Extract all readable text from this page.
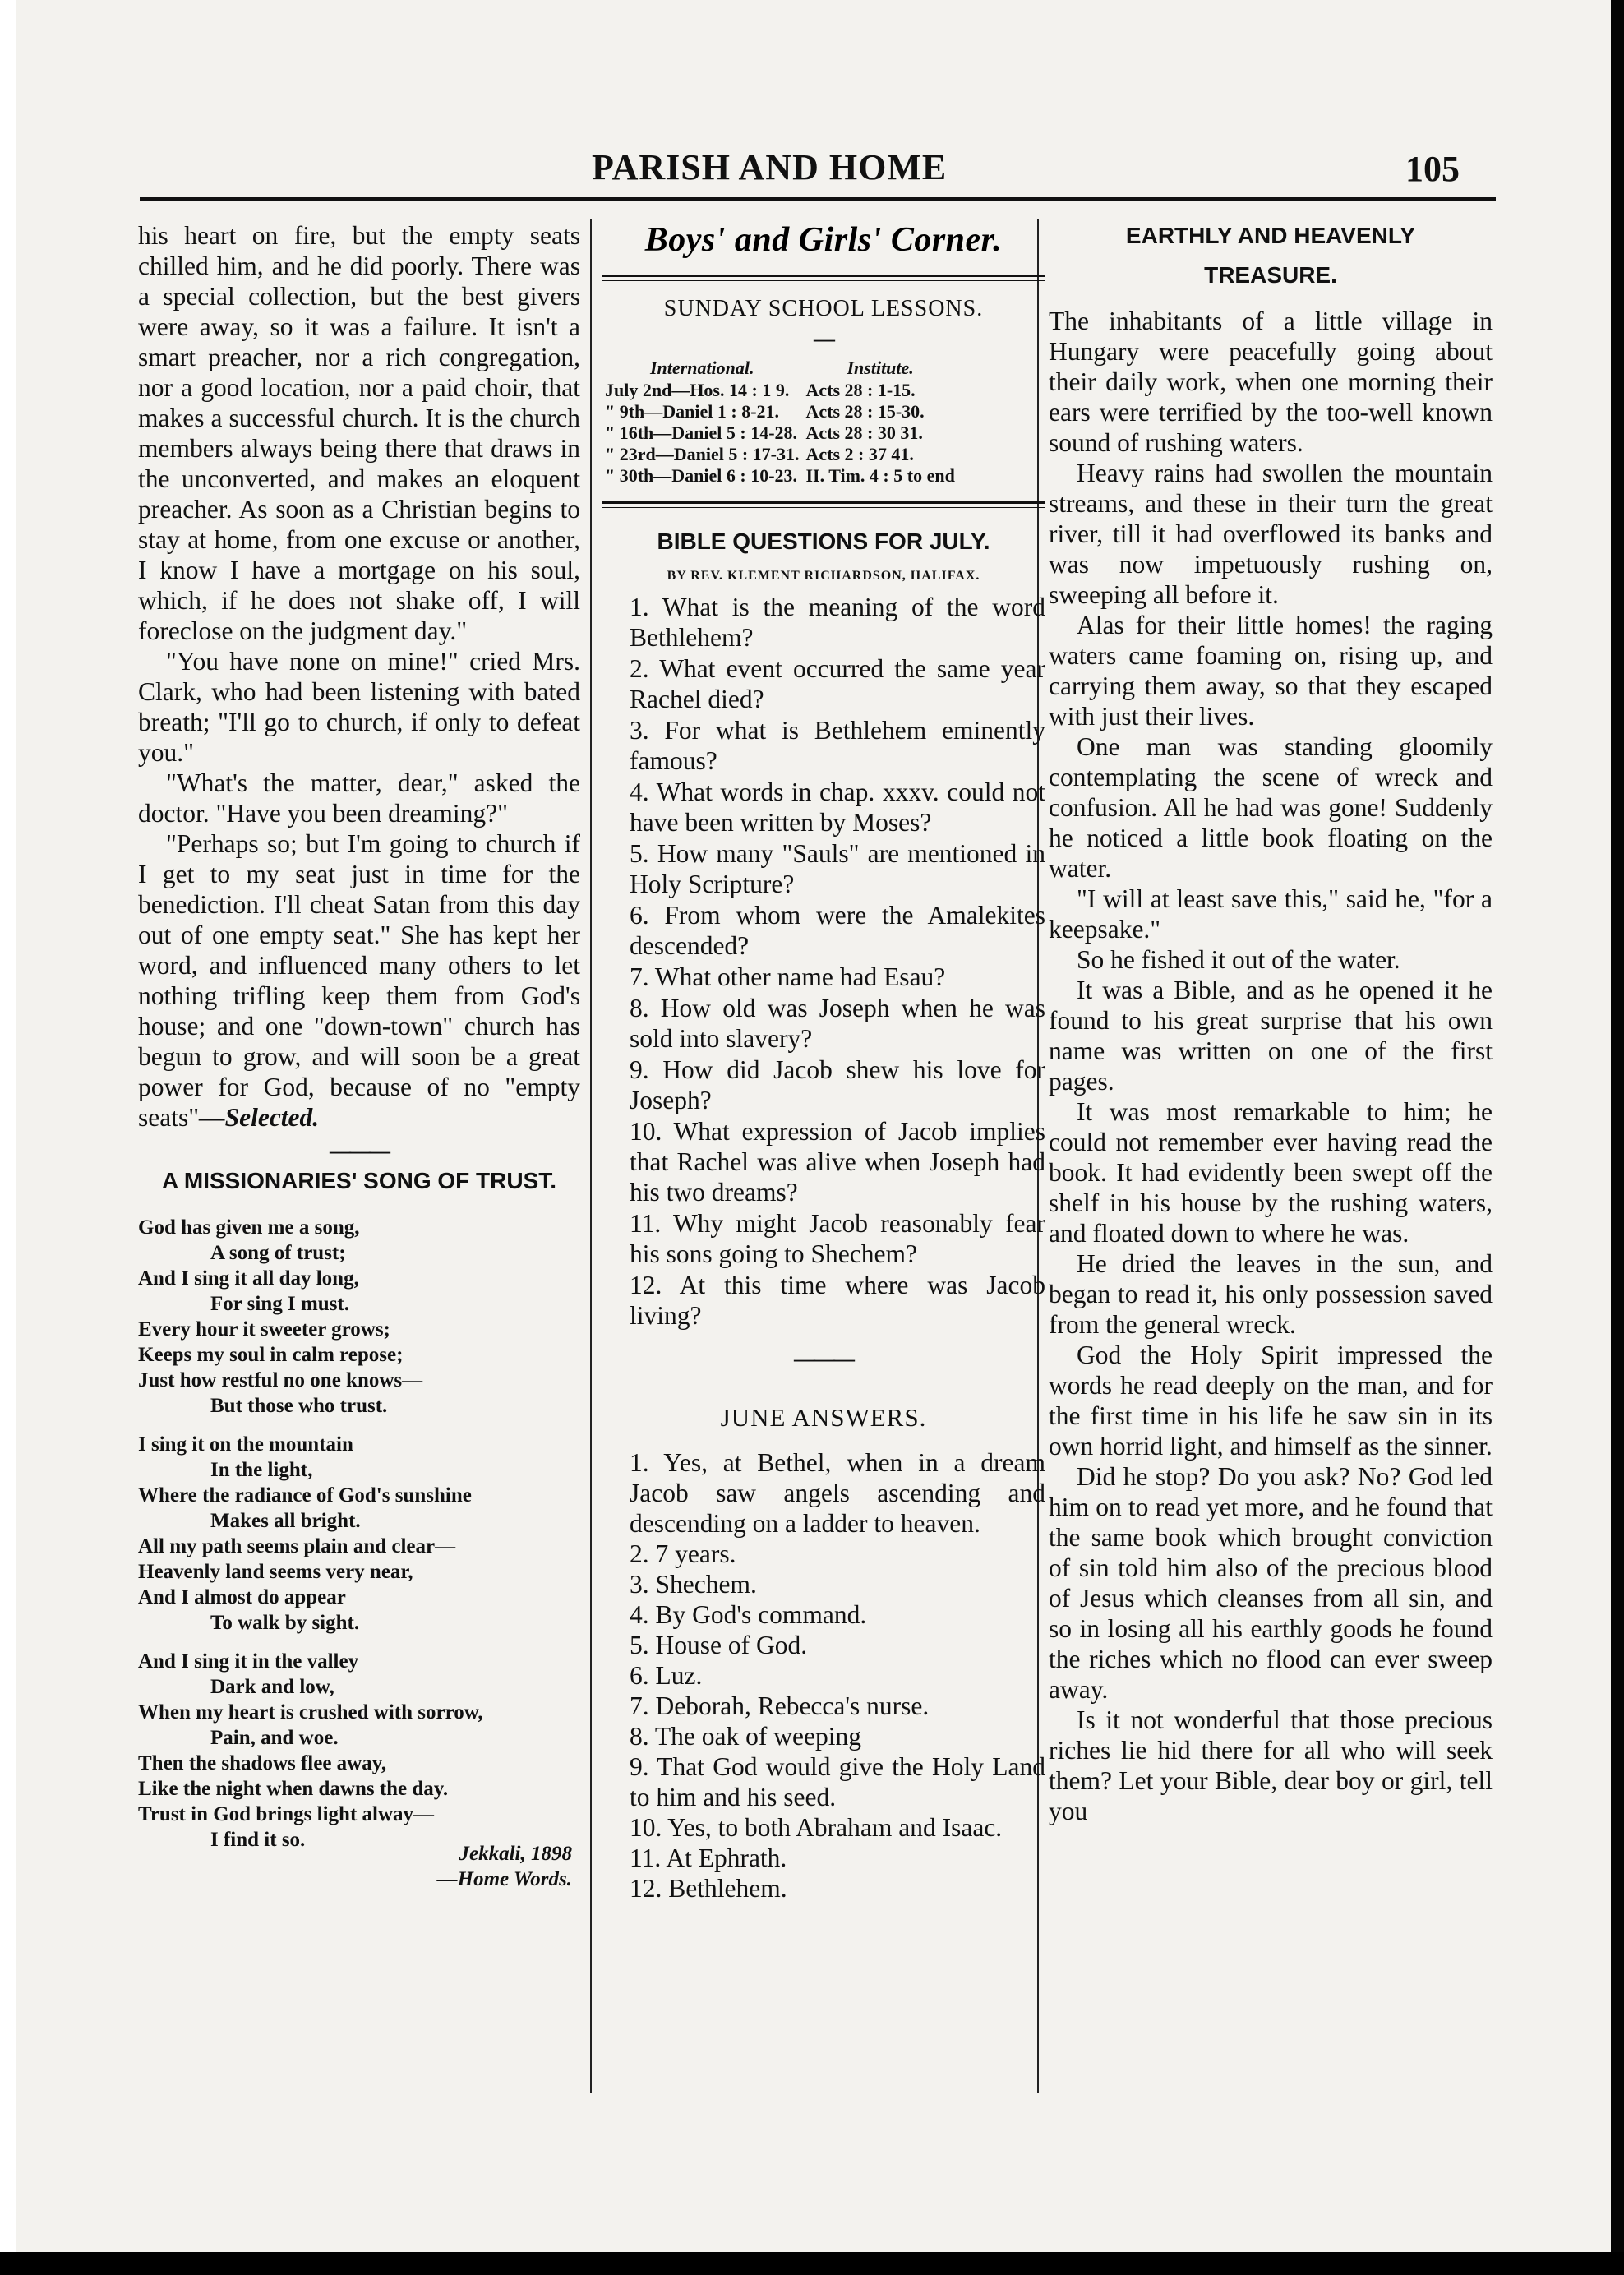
PARISH AND HOME	105

his heart on fire, but the empty seats chilled him, and he did poorly. There was a special collection, but the best givers were away, so it was a failure. It isn't a smart preacher, nor a rich congregation, nor a good location, nor a paid choir, that makes a successful church. It is the church members always being there that draws in the unconverted, and makes an eloquent preacher. As soon as a Christian begins to stay at home, from one excuse or another, I know I have a mortgage on his soul, which, if he does not shake off, I will foreclose on the judgment day."

"You have none on mine!" cried Mrs. Clark, who had been listening with bated breath; "I'll go to church, if only to defeat you."

"What's the matter, dear," asked the doctor. "Have you been dreaming?"

"Perhaps so; but I'm going to church if I get to my seat just in time for the benediction. I'll cheat Satan from this day out of one empty seat." She has kept her word, and influenced many others to let nothing trifling keep them from God's house; and one "down-town" church has begun to grow, and will soon be a great power for God, because of no "empty seats"—Selected.

———
A MISSIONARIES' SONG OF TRUST.
God has given me a song,
A song of trust;
And I sing it all day long,
For sing I must.
Every hour it sweeter grows;
Keeps my soul in calm repose;
Just how restful no one knows—
But those who trust.
I sing it on the mountain
In the light,
Where the radiance of God's sunshine
Makes all bright.
All my path seems plain and clear—
Heavenly land seems very near,
And I almost do appear
To walk by sight.
And I sing it in the valley
Dark and low,
When my heart is crushed with sorrow,
Pain, and woe.
Then the shadows flee away,
Like the night when dawns the day.
Trust in God brings light alway—
I find it so.
Jekkali, 1898
—Home Words.
Boys' and Girls' Corner.
SUNDAY SCHOOL LESSONS.
—
International.	Institute.
July 2nd—Hos. 14 : 1 9.	Acts 28 : 1-15.
" 9th—Daniel 1 : 8-21.	Acts 28 : 15-30.
" 16th—Daniel 5 : 14-28.	Acts 28 : 30 31.
" 23rd—Daniel 5 : 17-31.	Acts 2 : 37 41.
" 30th—Daniel 6 : 10-23.	II. Tim. 4 : 5 to end
BIBLE QUESTIONS FOR JULY.
BY REV. KLEMENT RICHARDSON, HALIFAX.

1. What is the meaning of the word Bethlehem?

2. What event occurred the same year Rachel died?

3. For what is Bethlehem eminently famous?

4. What words in chap. xxxv. could not have been written by Moses?

5. How many "Sauls" are mentioned in Holy Scripture?

6. From whom were the Amalekites descended?

7. What other name had Esau?

8. How old was Joseph when he was sold into slavery?

9. How did Jacob shew his love for Joseph?

10. What expression of Jacob implies that Rachel was alive when Joseph had his two dreams?

11. Why might Jacob reasonably fear his sons going to Shechem?

12. At this time where was Jacob living?

———
JUNE ANSWERS.

1. Yes, at Bethel, when in a dream Jacob saw angels ascending and descending on a ladder to heaven.

2. 7 years.

3. Shechem.

4. By God's command.

5. House of God.

6. Luz.

7. Deborah, Rebecca's nurse.

8. The oak of weeping

9. That God would give the Holy Land to him and his seed.

10. Yes, to both Abraham and Isaac.

11. At Ephrath.

12. Bethlehem.

EARTHLY AND HEAVENLY
TREASURE.

The inhabitants of a little village in Hungary were peacefully going about their daily work, when one morning their ears were terrified by the too-well known sound of rushing waters.

Heavy rains had swollen the mountain streams, and these in their turn the great river, till it had overflowed its banks and was now impetuously rushing on, sweeping all before it.

Alas for their little homes! the raging waters came foaming on, rising up, and carrying them away, so that they escaped with just their lives.

One man was standing gloomily contemplating the scene of wreck and confusion. All he had was gone! Suddenly he noticed a little book floating on the water.

"I will at least save this," said he, "for a keepsake."

So he fished it out of the water.

It was a Bible, and as he opened it he found to his great surprise that his own name was written on one of the first pages.

It was most remarkable to him; he could not remember ever having read the book. It had evidently been swept off the shelf in his house by the rushing waters, and floated down to where he was.

He dried the leaves in the sun, and began to read it, his only possession saved from the general wreck.

God the Holy Spirit impressed the words he read deeply on the man, and for the first time in his life he saw sin in its own horrid light, and himself as the sinner.

Did he stop? Do you ask? No? God led him on to read yet more, and he found that the same book which brought conviction of sin told him also of the precious blood of Jesus which cleanses from all sin, and so in losing all his earthly goods he found the riches which no flood can ever sweep away.

Is it not wonderful that those precious riches lie hid there for all who will seek them? Let your Bible, dear boy or girl, tell you
